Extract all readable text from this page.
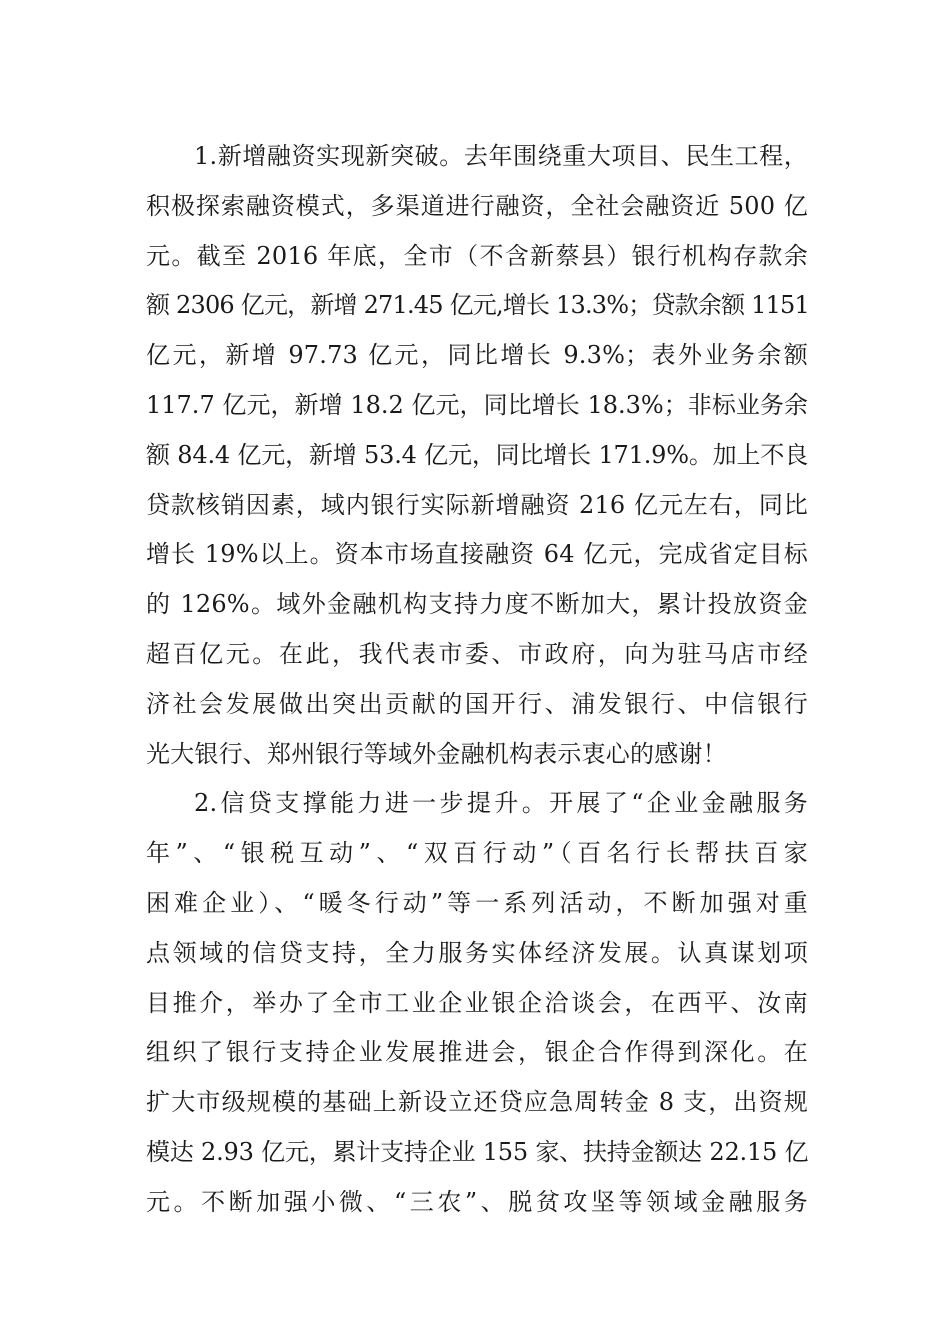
1.新增融资实现新突破。去年围绕重大项目、民生工程，
积极探索融资模式，多渠道进行融资，全社会融资近 500 亿
元。截至 2016 年底，全市（不含新蔡县）银行机构存款余
额 2306 亿元，新增 271.45 亿元,增长 13.3%；贷款余额 1151
亿元，新增 97.73 亿元，同比增长 9.3%；表外业务余额
117.7 亿元，新增 18.2 亿元，同比增长 18.3%；非标业务余
额 84.4 亿元，新增 53.4 亿元，同比增长 171.9%。加上不良
贷款核销因素，域内银行实际新增融资 216 亿元左右，同比
增长 19%以上。资本市场直接融资 64 亿元，完成省定目标
的 126%。域外金融机构支持力度不断加大，累计投放资金
超百亿元。在此，我代表市委、市政府，向为驻马店市经
济社会发展做出突出贡献的国开行、浦发银行、中信银行
光大银行、郑州银行等域外金融机构表示衷心的感谢！
2.信贷支撑能力进一步提升。开展了“企业金融服务
年”、“银税互动”、“双百行动”（百名行长帮扶百家
困难企业）、“暖冬行动”等一系列活动，不断加强对重
点领域的信贷支持，全力服务实体经济发展。认真谋划项
目推介，举办了全市工业企业银企洽谈会，在西平、汝南
组织了银行支持企业发展推进会，银企合作得到深化。在
扩大市级规模的基础上新设立还贷应急周转金 8 支，出资规
模达 2.93 亿元，累计支持企业 155 家、扶持金额达 22.15 亿
元。不断加强小微、“三农”、脱贫攻坚等领域金融服务
